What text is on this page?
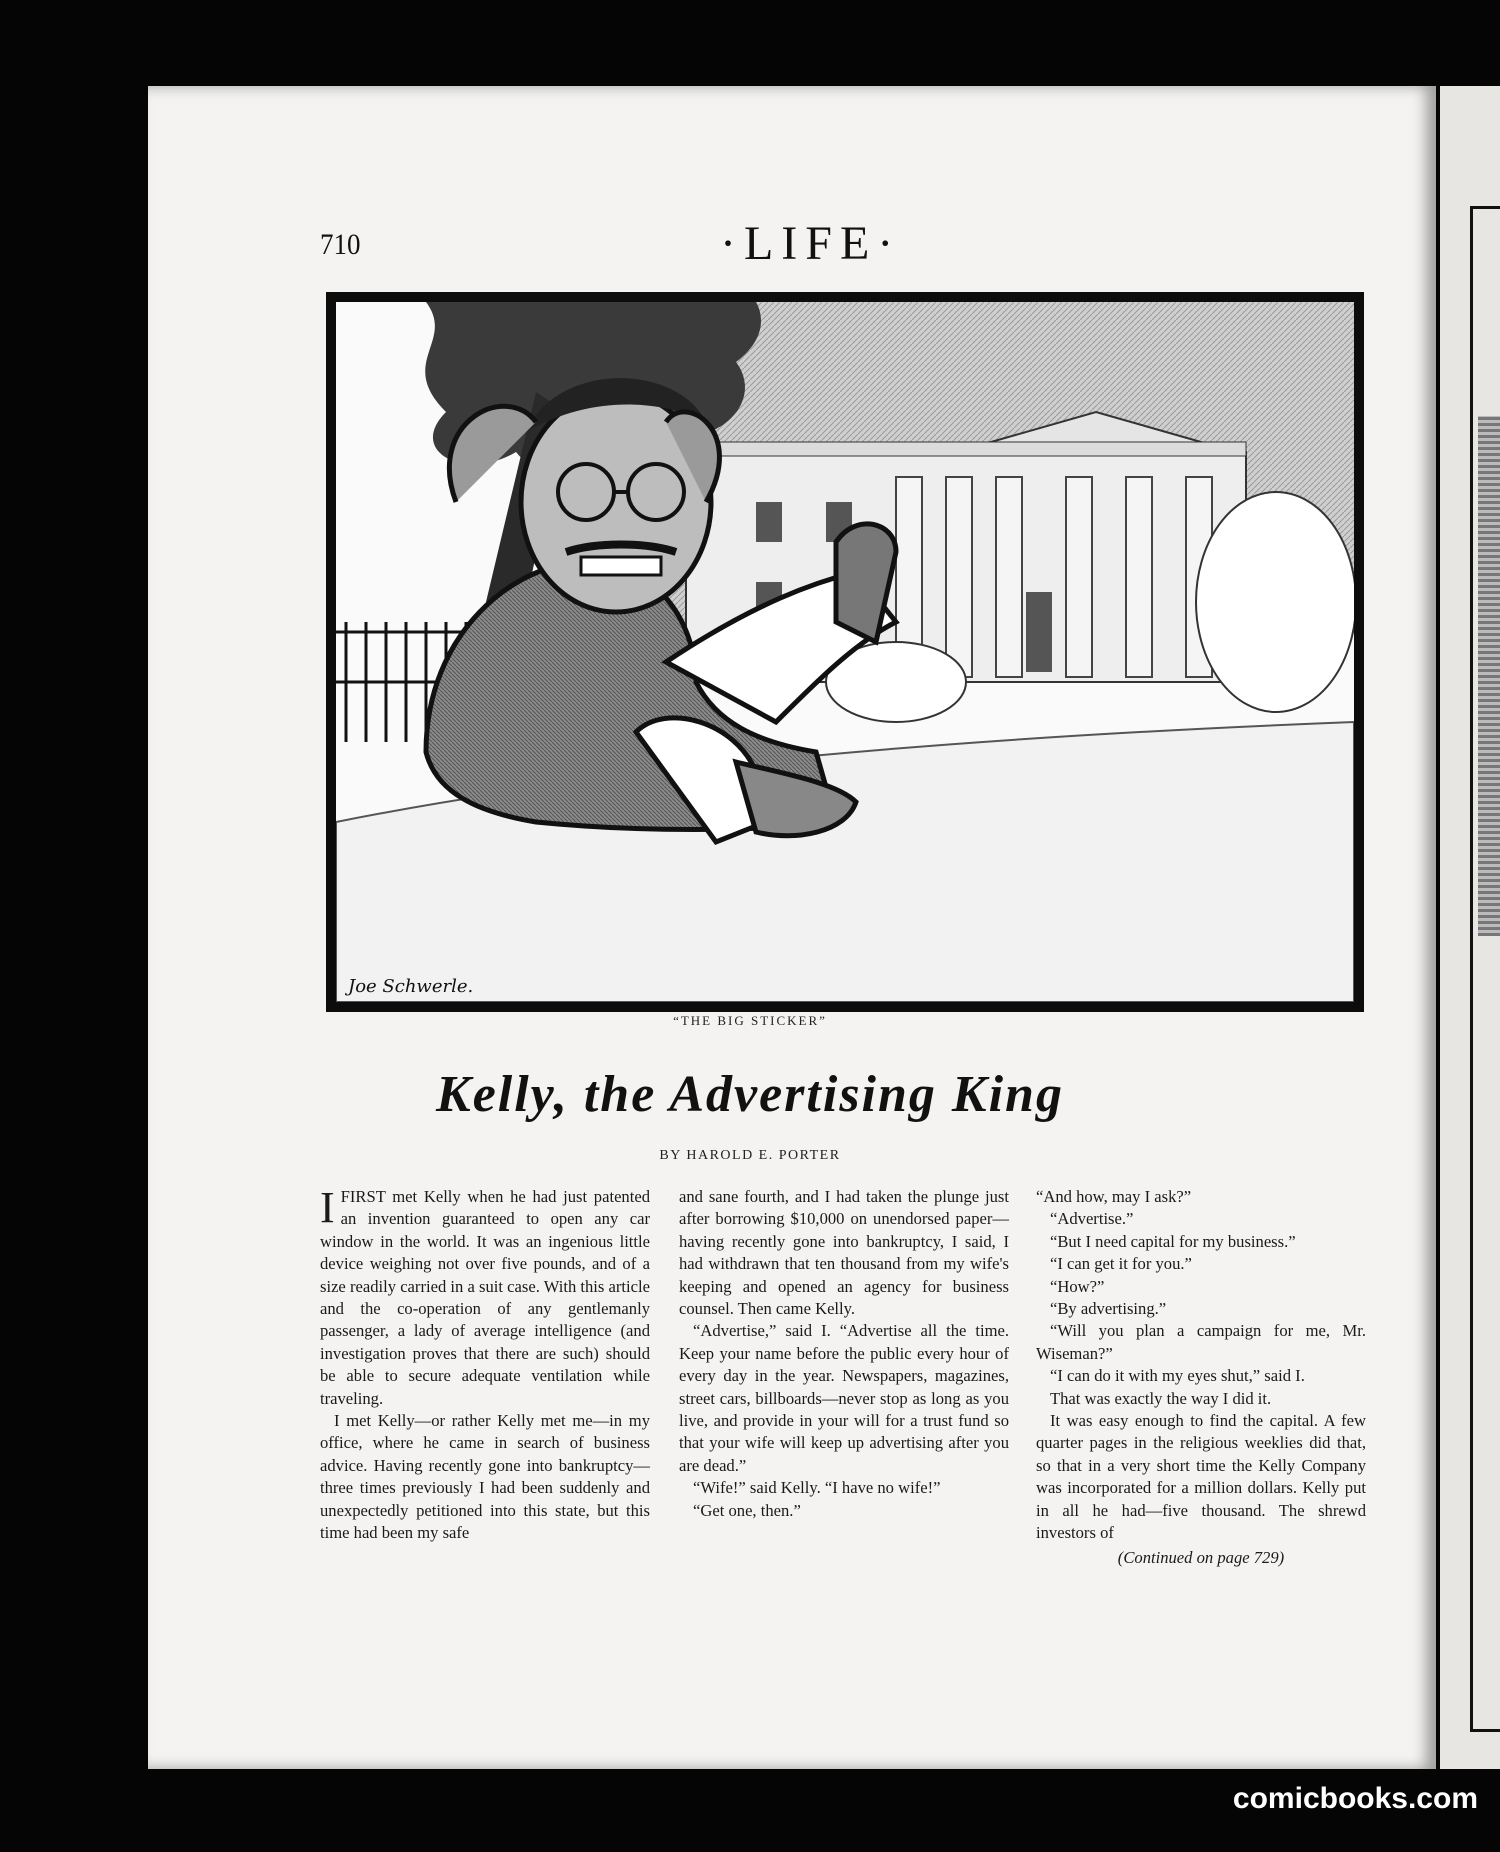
710	·LIFE·
Joe Schwerle.
“THE BIG STICKER”
Kelly, the Advertising King
BY HAROLD E. PORTER

IFIRST met Kelly when he had just patented an invention guaranteed to open any car window in the world. It was an ingenious little device weighing not over five pounds, and of a size readily carried in a suit case. With this article and the co-operation of any gentlemanly passenger, a lady of average intelligence (and investigation proves that there are such) should be able to secure adequate ventilation while traveling.

I met Kelly—or rather Kelly met me—in my office, where he came in search of business advice. Having recently gone into bankruptcy—three times previously I had been suddenly and unexpectedly petitioned into this state, but this time had been my safe

and sane fourth, and I had taken the plunge just after borrowing $10,000 on unendorsed paper—having recently gone into bankruptcy, I said, I had withdrawn that ten thousand from my wife's keeping and opened an agency for business counsel. Then came Kelly.

“Advertise,” said I. “Advertise all the time. Keep your name before the public every hour of every day in the year. Newspapers, magazines, street cars, billboards—never stop as long as you live, and provide in your will for a trust fund so that your wife will keep up advertising after you are dead.”

“Wife!” said Kelly. “I have no wife!”

“Get one, then.”

“And how, may I ask?”

“Advertise.”

“But I need capital for my business.”

“I can get it for you.”

“How?”

“By advertising.”

“Will you plan a campaign for me, Mr. Wiseman?”

“I can do it with my eyes shut,” said I.

That was exactly the way I did it.

It was easy enough to find the capital. A few quarter pages in the religious weeklies did that, so that in a very short time the Kelly Company was incorporated for a million dollars. Kelly put in all he had—five thousand. The shrewd investors of

(Continued on page 729)
comicbooks.com
